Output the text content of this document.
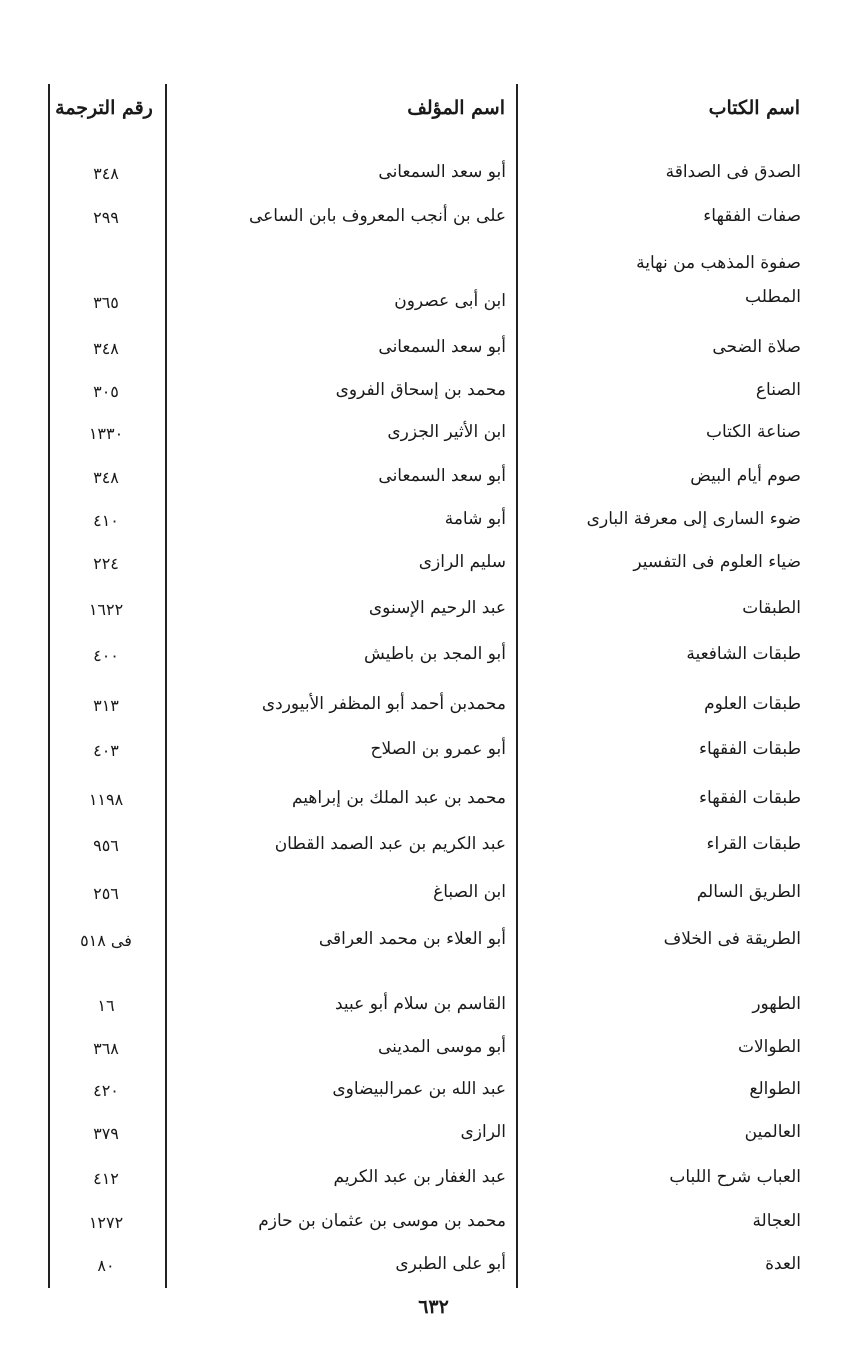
اسم الكتاب
اسم المؤلف
رقم الترجمة
الصدق فى الصداقة
أبو سعد السمعانى
٣٤٨
صفات الفقهاء
على بن أنجب المعروف بابن الساعى
٢٩٩
صفوة المذهب من نهاية المطلب
ابن أبى عصرون
٣٦٥
صلاة الضحى
أبو سعد السمعانى
٣٤٨
الصناع
محمد بن إسحاق الفروى
٣٠٥
صناعة الكتاب
ابن الأثير الجزرى
١٣٣٠
صوم أيام البيض
أبو سعد السمعانى
٣٤٨
ضوء السارى إلى معرفة البارى
أبو شامة
٤١٠
ضياء العلوم فى التفسير
سليم الرازى
٢٢٤
الطبقات
عبد الرحيم الإسنوى
١٦٢٢
طبقات الشافعية
أبو المجد بن باطيش
٤٠٠
طبقات العلوم
محمدبن أحمد أبو المظفر الأبيوردى
٣١٣
طبقات الفقهاء
أبو عمرو بن الصلاح
٤٠٣
طبقات الفقهاء
محمد بن عبد الملك بن إبراهيم
١١٩٨
طبقات القراء
عبد الكريم بن عبد الصمد القطان
٩٥٦
الطريق السالم
ابن الصباغ
٢٥٦
الطريقة فى الخلاف
أبو العلاء بن محمد العراقى
فى ٥١٨
الطهور
القاسم بن سلام أبو عبيد
١٦
الطوالات
أبو موسى المدينى
٣٦٨
الطوالع
عبد الله بن عمرالبيضاوى
٤٢٠
العالمين
الرازى
٣٧٩
العباب شرح اللباب
عبد الغفار بن عبد الكريم
٤١٢
العجالة
محمد بن موسى بن عثمان بن حازم
١٢٧٢
العدة
أبو على الطبرى
٨٠
٦٣٢
